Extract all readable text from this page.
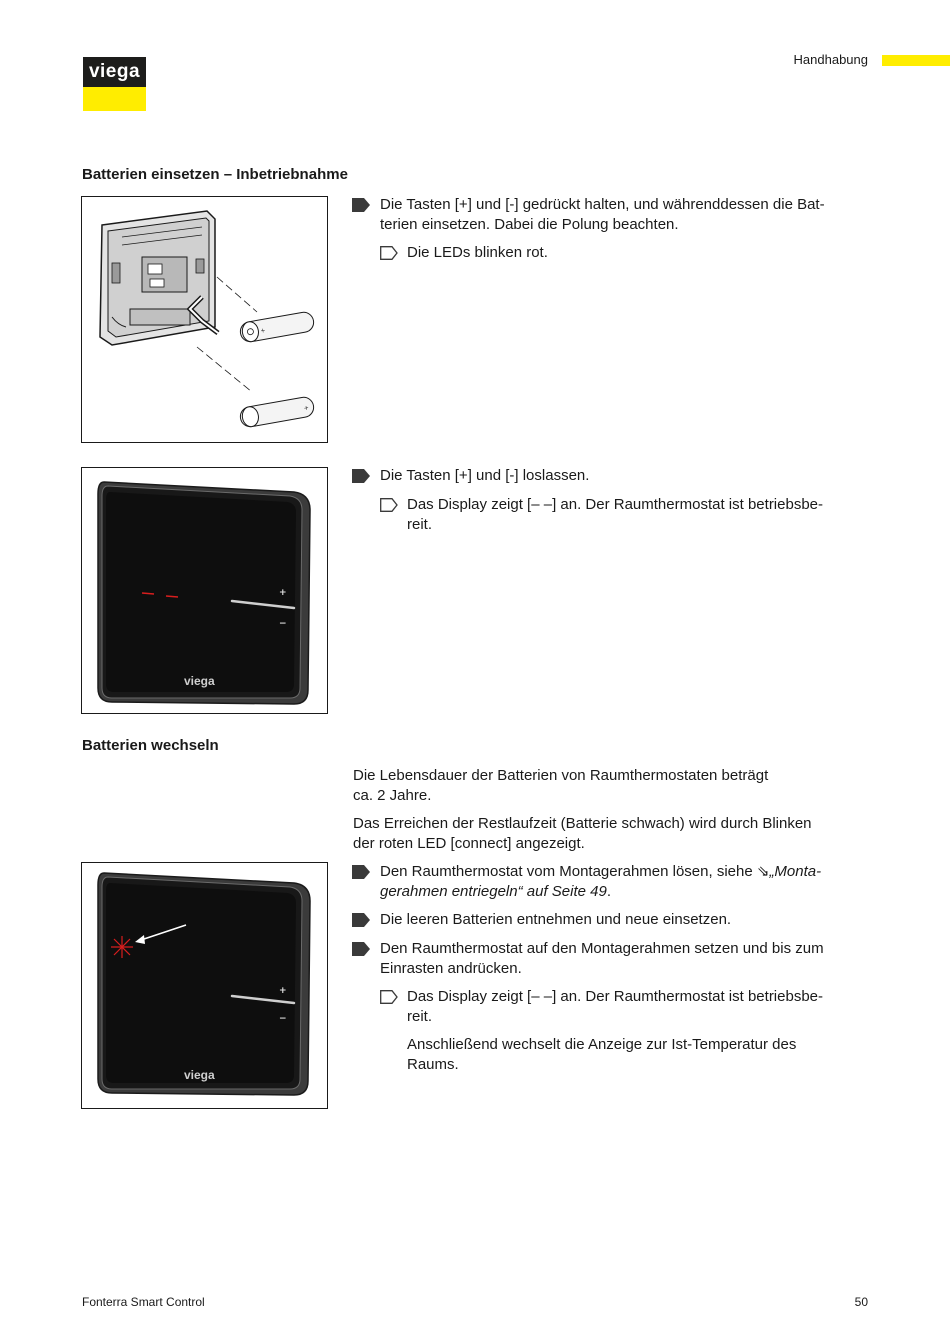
viega
Handhabung
Batterien einsetzen – Inbetriebnahme
+
+
Die Tasten [+] und [-] gedrückt halten, und währenddessen die Bat-
terien einsetzen. Dabei die Polung beachten.
Die LEDs blinken rot.
+
−
viega
Die Tasten [+] und [-] loslassen.
Das Display zeigt [– –] an. Der Raumthermostat ist betriebsbe-
reit.
Batterien wechseln
Die Lebensdauer der Batterien von Raumthermostaten beträgt
ca. 2 Jahre.
Das Erreichen der Restlaufzeit (Batterie schwach) wird durch Blinken
der roten LED [connect] angezeigt.
+
−
viega
Den Raumthermostat vom Montagerahmen lösen, siehe ⇘„Monta-
gerahmen entriegeln“ auf Seite 49.
Die leeren Batterien entnehmen und neue einsetzen.
Den Raumthermostat auf den Montagerahmen setzen und bis zum
Einrasten andrücken.
Das Display zeigt [– –] an. Der Raumthermostat ist betriebsbe-
reit.
Anschließend wechselt die Anzeige zur Ist-Temperatur des
Raums.
Fonterra Smart Control	50
